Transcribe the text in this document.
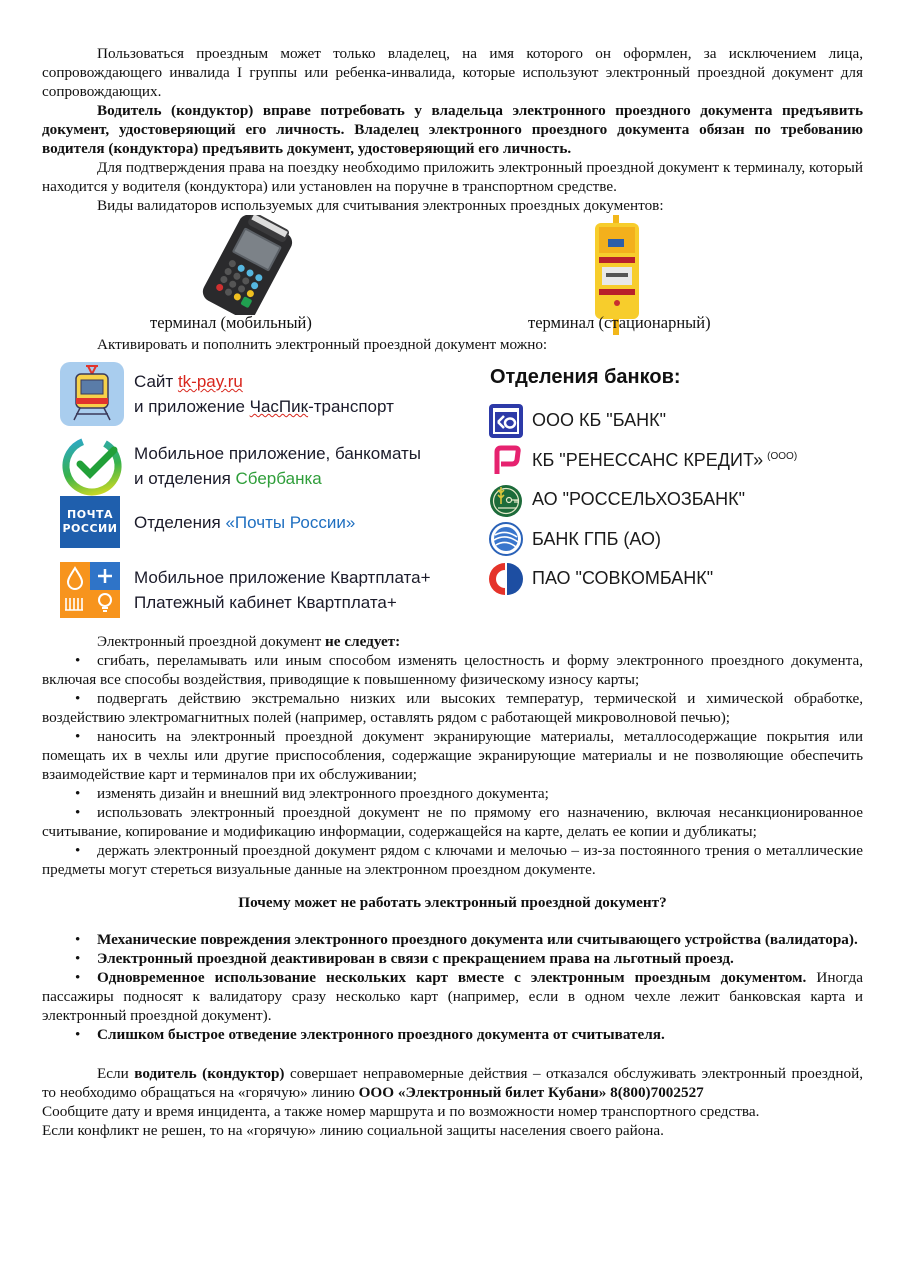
Пользоваться проездным может только владелец, на имя которого он оформлен, за исключением лица, сопровождающего инвалида I группы или ребенка-инвалида, которые используют электронный проездной документ для сопровождающих.

Водитель (кондуктор) вправе потребовать у владельца электронного проездного документа предъявить документ, удостоверяющий его личность. Владелец электронного проездного документа обязан по требованию водителя (кондуктора) предъявить документ, удостоверяющий его личность.

Для подтверждения права на поездку необходимо приложить электронный проездной документ к терминалу, который находится у водителя (кондуктора) или установлен на поручне в транспортном средстве.

Виды валидаторов используемых для считывания электронных проездных документов:

терминал (мобильный)	терминал (стационарный)

Активировать и пополнить электронный проездной документ можно:

Сайт tk-pay.ru
и приложение ЧасПик-транспорт
Мобильное приложение, банкоматы
и отделения Сбербанка
ПОЧТА
РОССИИ Отделения «Почты России»
Мобильное приложение Квартплата+
Платежный кабинет Квартплата+
Отделения банков:
ООО КБ "БАНК"
КБ "РЕНЕССАНС КРЕДИТ» $^{(ООО)}$
АО "РОССЕЛЬХОЗБАНК"
БАНК ГПБ (АО)
ПАО "СОВКОМБАНК"

Электронный проездной документ не следует:

• сгибать, переламывать или иным способом изменять целостность и форму электронного проездного документа, включая все способы воздействия, приводящие к повышенному физическому износу карты;

• подвергать действию экстремально низких или высоких температур, термической и химической обработке, воздействию электромагнитных полей (например, оставлять рядом с работающей микроволновой печью);

• наносить на электронный проездной документ экранирующие материалы, металлосодержащие покрытия или помещать их в чехлы или другие приспособления, содержащие экранирующие материалы и не позволяющие обеспечить взаимодействие карт и терминалов при их обслуживании;

• изменять дизайн и внешний вид электронного проездного документа;

• использовать электронный проездной документ не по прямому его назначению, включая несанкционированное считывание, копирование и модификацию информации, содержащейся на карте, делать ее копии и дубликаты;

• держать электронный проездной документ рядом с ключами и мелочью – из-за постоянного трения о металлические предметы могут стереться визуальные данные на электронном проездном документе.

Почему может не работать электронный проездной документ?

• Механические повреждения электронного проездного документа или считывающего устройства (валидатора).

• Электронный проездной деактивирован в связи с прекращением права на льготный проезд.

• Одновременное использование нескольких карт вместе с электронным проездным документом. Иногда пассажиры подносят к валидатору сразу несколько карт (например, если в одном чехле лежит банковская карта и электронный проездной документ).

• Слишком быстрое отведение электронного проездного документа от считывателя.

Если водитель (кондуктор) совершает неправомерные действия – отказался обслуживать электронный проездной, то необходимо обращаться на «горячую» линию ООО «Электронный билет Кубани» 8(800)7002527

Сообщите дату и время инцидента, а также номер маршрута и по возможности номер транспортного средства.

Если конфликт не решен, то на «горячую» линию социальной защиты населения своего района.
